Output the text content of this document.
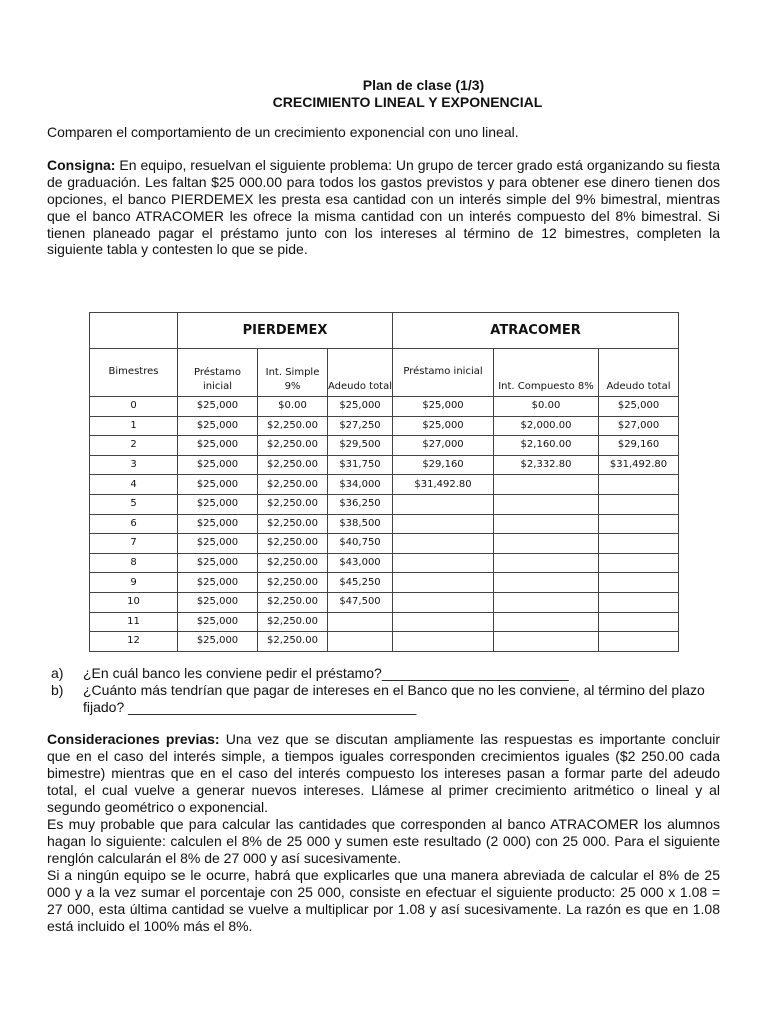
Plan de clase (1/3)
CRECIMIENTO LINEAL Y EXPONENCIAL

Comparen el comportamiento de un crecimiento exponencial con uno lineal.

Consigna: En equipo, resuelvan el siguiente problema: Un grupo de tercer grado está organizando su fiesta de graduación. Les faltan $25 000.00 para todos los gastos previstos y para obtener ese dinero tienen dos opciones, el banco PIERDEMEX les presta esa cantidad con un interés simple del 9% bimestral, mientras que el banco ATRACOMER les ofrece la misma cantidad con un interés compuesto del 8% bimestral. Si tienen planeado pagar el préstamo junto con los intereses al término de 12 bimestres, completen la siguiente tabla y contesten lo que se pide.

	PIERDEMEX			ATRACOMER		
Bimestres	Préstamo inicial	Int. Simple 9%	Adeudo total	Préstamo inicial	Int. Compuesto 8%	Adeudo total
0	$25,000	$0.00	$25,000	$25,000	$0.00	$25,000
1	$25,000	$2,250.00	$27,250	$25,000	$2,000.00	$27,000
2	$25,000	$2,250.00	$29,500	$27,000	$2,160.00	$29,160
3	$25,000	$2,250.00	$31,750	$29,160	$2,332.80	$31,492.80
4	$25,000	$2,250.00	$34,000	$31,492.80		
5	$25,000	$2,250.00	$36,250			
6	$25,000	$2,250.00	$38,500			
7	$25,000	$2,250.00	$40,750			
8	$25,000	$2,250.00	$43,000			
9	$25,000	$2,250.00	$45,250			
10	$25,000	$2,250.00	$47,500			
11	$25,000	$2,250.00				
12	$25,000	$2,250.00				
a)	¿En cuál banco les conviene pedir el préstamo?________________________
b)	¿Cuánto más tendrían que pagar de intereses en el Banco que no les conviene, al término del plazo fijado? _____________________________________

Consideraciones previas: Una vez que se discutan ampliamente las respuestas es importante concluir que en el caso del interés simple, a tiempos iguales corresponden crecimientos iguales ($2 250.00 cada bimestre) mientras que en el caso del interés compuesto los intereses pasan a formar parte del adeudo total, el cual vuelve a generar nuevos intereses. Llámese al primer crecimiento aritmético o lineal y al segundo geométrico o exponencial.

Es muy probable que para calcular las cantidades que corresponden al banco ATRACOMER los alumnos hagan lo siguiente: calculen el 8% de 25 000 y sumen este resultado (2 000) con 25 000. Para el siguiente renglón calcularán el 8% de 27 000 y así sucesivamente.

Si a ningún equipo se le ocurre, habrá que explicarles que una manera abreviada de calcular el 8% de 25 000 y a la vez sumar el porcentaje con 25 000, consiste en efectuar el siguiente producto: 25 000 x 1.08 = 27 000, esta última cantidad se vuelve a multiplicar por 1.08 y así sucesivamente. La razón es que en 1.08 está incluido el 100% más el 8%.
